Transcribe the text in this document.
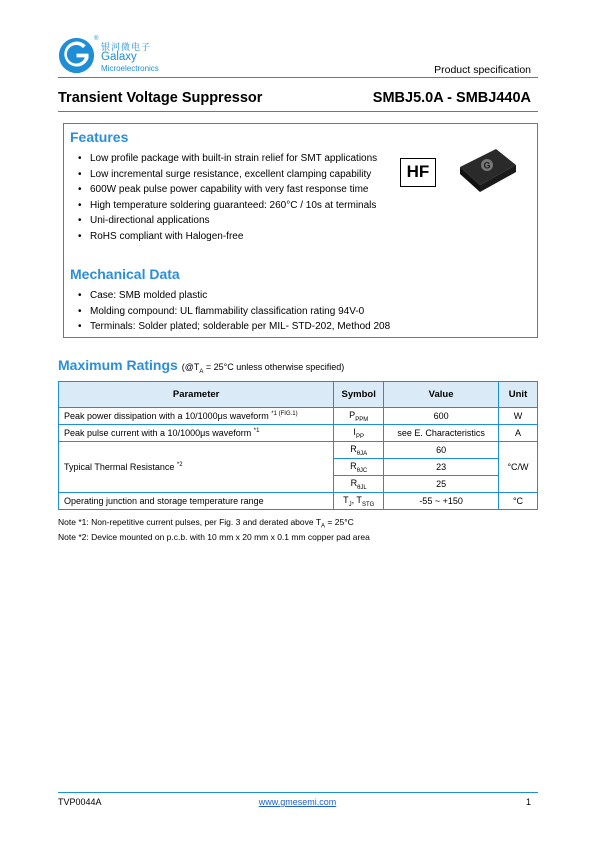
®
银河微电子
Galaxy
Microelectronics	Product specification
Transient Voltage Suppressor	SMBJ5.0A - SMBJ440A
Features
• Low profile package with built-in strain relief for SMT applications
• Low incremental surge resistance, excellent clamping capability
• 600W peak pulse power capability with very fast response time
• High temperature soldering guaranteed: 260°C / 10s at terminals
• Uni-directional applications
• RoHS compliant with Halogen-free
HF	G
Mechanical Data
• Case: SMB molded plastic
• Molding compound: UL flammability classification rating 94V-0
• Terminals: Solder plated; solderable per MIL- STD-202, Method 208
Maximum Ratings ($@T_A = 25^\circ C$ unless otherwise specified)
Parameter	Symbol	Value	Unit
Peak power dissipation with a 10/1000μs waveform $^{*1 (FIG.1)}$	$P_{PPM}$	600	W
Peak pulse current with a 10/1000μs waveform $^{*1}$	$I_{PP}$	see E. Characteristics	A
Typical Thermal Resistance $^{*2}$	$R_{\theta JA}$	60	°C/W
	$R_{\theta JC}$	23	
	$R_{\theta JL}$	25	
Operating junction and storage temperature range	$T_J$, $T_{STG}$	-55 ~ +150	°C
Note *1: Non-repetitive current pulses, per Fig. 3 and derated above $T_A = 25^\circ C$
Note *2: Device mounted on p.c.b. with 10 mm x 20 mm x 0.1 mm copper pad area
TVP0044A	www.gmesemi.com	1
